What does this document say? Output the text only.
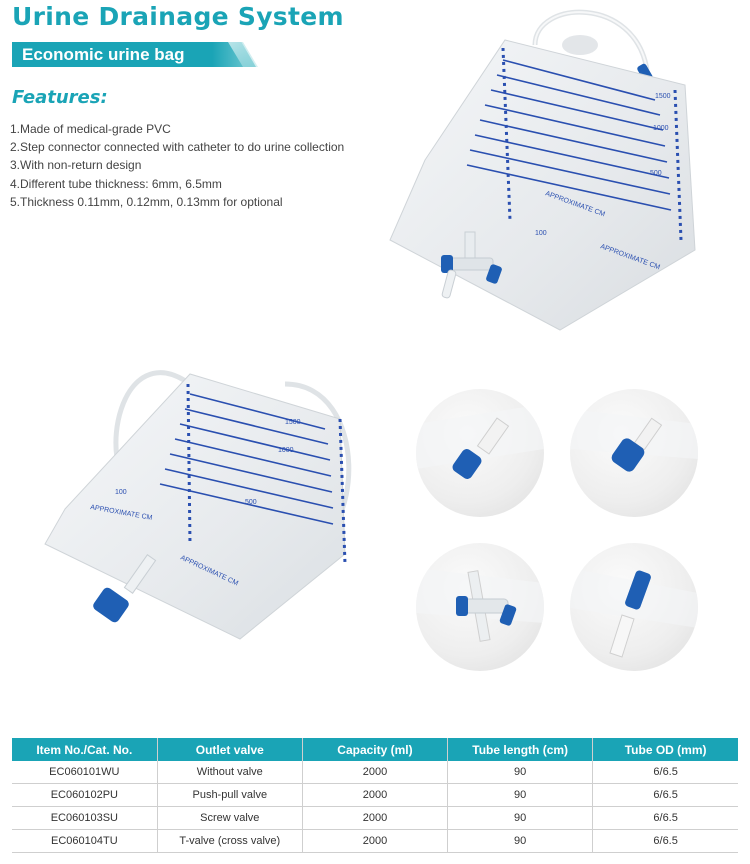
Urine Drainage System
Economic urine bag
Features:
1.Made of medical-grade PVC
2.Step connector connected with catheter to do urine collection
3.With non-return design
4.Different tube thickness: 6mm, 6.5mm
5.Thickness 0.11mm, 0.12mm, 0.13mm for optional
APPROXIMATE CM
APPROXIMATE CM
100
500
1000
1500
APPROXIMATE CM
APPROXIMATE CM
100
500
1000
1500
Item No./Cat. No.	Outlet valve	Capacity (ml)	Tube length (cm)	Tube OD (mm)
EC060101WU	Without valve	2000	90	6/6.5
EC060102PU	Push-pull valve	2000	90	6/6.5
EC060103SU	Screw valve	2000	90	6/6.5
EC060104TU	T-valve (cross valve)	2000	90	6/6.5
